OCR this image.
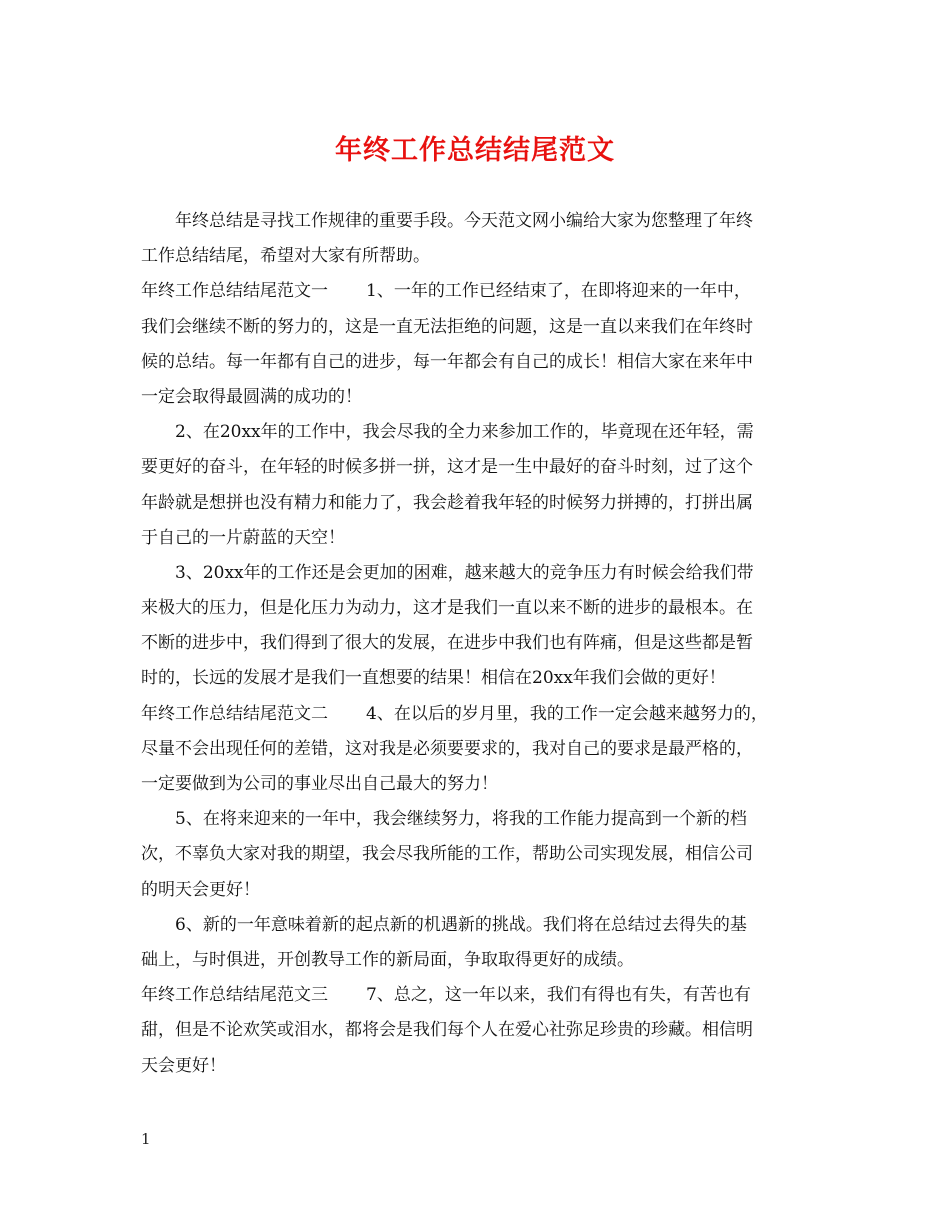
年终工作总结结尾范文
年终总结是寻找工作规律的重要手段。今天范文网小编给大家为您整理了年终
工作总结结尾，希望对大家有所帮助。
年终工作总结结尾范文一 1、一年的工作已经结束了，在即将迎来的一年中，
我们会继续不断的努力的，这是一直无法拒绝的问题，这是一直以来我们在年终时
候的总结。每一年都有自己的进步，每一年都会有自己的成长！相信大家在来年中
一定会取得最圆满的成功的！
2、在20xx年的工作中，我会尽我的全力来参加工作的，毕竟现在还年轻，需
要更好的奋斗，在年轻的时候多拼一拼，这才是一生中最好的奋斗时刻，过了这个
年龄就是想拼也没有精力和能力了，我会趁着我年轻的时候努力拼搏的，打拼出属
于自己的一片蔚蓝的天空！
3、20xx年的工作还是会更加的困难，越来越大的竞争压力有时候会给我们带
来极大的压力，但是化压力为动力，这才是我们一直以来不断的进步的最根本。在
不断的进步中，我们得到了很大的发展，在进步中我们也有阵痛，但是这些都是暂
时的，长远的发展才是我们一直想要的结果！相信在20xx年我们会做的更好！
年终工作总结结尾范文二 4、在以后的岁月里，我的工作一定会越来越努力的，
尽量不会出现任何的差错，这对我是必须要要求的，我对自己的要求是最严格的，
一定要做到为公司的事业尽出自己最大的努力！
5、在将来迎来的一年中，我会继续努力，将我的工作能力提高到一个新的档
次，不辜负大家对我的期望，我会尽我所能的工作，帮助公司实现发展，相信公司
的明天会更好！
6、新的一年意味着新的起点新的机遇新的挑战。我们将在总结过去得失的基
础上，与时俱进，开创教导工作的新局面，争取取得更好的成绩。
年终工作总结结尾范文三 7、总之，这一年以来，我们有得也有失，有苦也有
甜，但是不论欢笑或泪水，都将会是我们每个人在爱心社弥足珍贵的珍藏。相信明
天会更好！
1
